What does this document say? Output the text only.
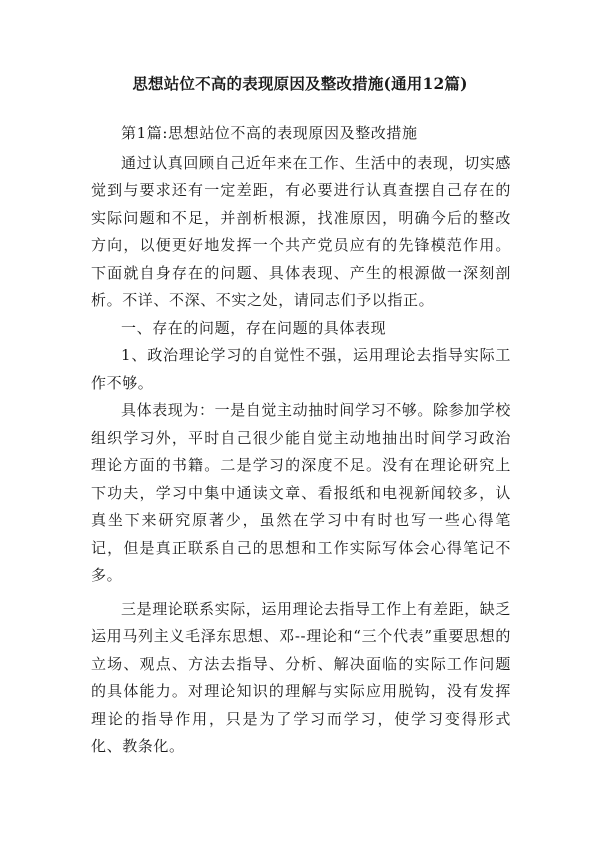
思想站位不高的表现原因及整改措施(通用12篇)

第1篇:思想站位不高的表现原因及整改措施

通过认真回顾自己近年来在工作、生活中的表现，切实感觉到与要求还有一定差距，有必要进行认真查摆自己存在的实际问题和不足，并剖析根源，找准原因，明确今后的整改方向，以便更好地发挥一个共产党员应有的先锋模范作用。下面就自身存在的问题、具体表现、产生的根源做一深刻剖析。不详、不深、不实之处，请同志们予以指正。

一、存在的问题，存在问题的具体表现

1、政治理论学习的自觉性不强，运用理论去指导实际工作不够。

具体表现为：一是自觉主动抽时间学习不够。除参加学校组织学习外，平时自己很少能自觉主动地抽出时间学习政治理论方面的书籍。二是学习的深度不足。没有在理论研究上下功夫，学习中集中通读文章、看报纸和电视新闻较多，认真坐下来研究原著少，虽然在学习中有时也写一些心得笔记，但是真正联系自己的思想和工作实际写体会心得笔记不多。

三是理论联系实际，运用理论去指导工作上有差距，缺乏运用马列主义毛泽东思想、邓--理论和“三个代表”重要思想的立场、观点、方法去指导、分析、解决面临的实际工作问题的具体能力。对理论知识的理解与实际应用脱钩，没有发挥理论的指导作用，只是为了学习而学习，使学习变得形式化、教条化。
